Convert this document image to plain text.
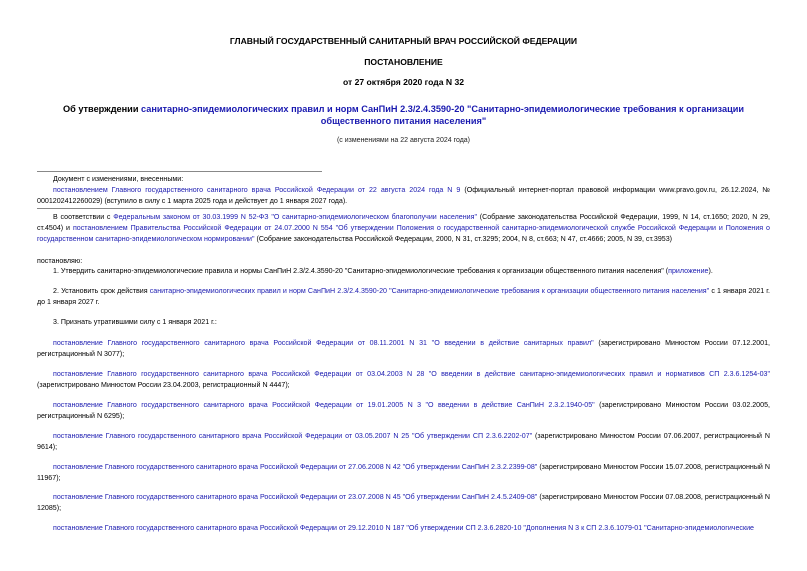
ГЛАВНЫЙ ГОСУДАРСТВЕННЫЙ САНИТАРНЫЙ ВРАЧ РОССИЙСКОЙ ФЕДЕРАЦИИ
ПОСТАНОВЛЕНИЕ
от 27 октября 2020 года N 32
Об утверждении санитарно-эпидемиологических правил и норм СанПиН 2.3/2.4.3590-20 "Санитарно-эпидемиологические требования к организации общественного питания населения"
(с изменениями на 22 августа 2024 года)
Документ с изменениями, внесенными:
постановлением Главного государственного санитарного врача Российской Федерации от 22 августа 2024 года N 9 (Официальный интернет-портал правовой информации www.pravo.gov.ru, 26.12.2024, № 0001202412260029) (вступило в силу с 1 марта 2025 года и действует до 1 января 2027 года).
В соответствии с Федеральным законом от 30.03.1999 N 52-ФЗ "О санитарно-эпидемиологическом благополучии населения" (Собрание законодательства Российской Федерации, 1999, N 14, ст.1650; 2020, N 29, ст.4504) и постановлением Правительства Российской Федерации от 24.07.2000 N 554 "Об утверждении Положения о государственной санитарно-эпидемиологической службе Российской Федерации и Положения о государственном санитарно-эпидемиологическом нормировании" (Собрание законодательства Российской Федерации, 2000, N 31, ст.3295; 2004, N 8, ст.663; N 47, ст.4666; 2005, N 39, ст.3953)
постановляю:
1. Утвердить санитарно-эпидемиологические правила и нормы СанПиН 2.3/2.4.3590-20 "Санитарно-эпидемиологические требования к организации общественного питания населения" (приложение).
2. Установить срок действия санитарно-эпидемиологических правил и норм СанПиН 2.3/2.4.3590-20 "Санитарно-эпидемиологические требования к организации общественного питания населения" с 1 января 2021 г. до 1 января 2027 г.
3. Признать утратившими силу с 1 января 2021 г.:
постановление Главного государственного санитарного врача Российской Федерации от 08.11.2001 N 31 "О введении в действие санитарных правил" (зарегистрировано Минюстом России 07.12.2001, регистрационный N 3077);
постановление Главного государственного санитарного врача Российской Федерации от 03.04.2003 N 28 "О введении в действие санитарно-эпидемиологических правил и нормативов СП 2.3.6.1254-03" (зарегистрировано Минюстом России 23.04.2003, регистрационный N 4447);
постановление Главного государственного санитарного врача Российской Федерации от 19.01.2005 N 3 "О введении в действие СанПиН 2.3.2.1940-05" (зарегистрировано Минюстом России 03.02.2005, регистрационный N 6295);
постановление Главного государственного санитарного врача Российской Федерации от 03.05.2007 N 25 "Об утверждении СП 2.3.6.2202-07" (зарегистрировано Минюстом России 07.06.2007, регистрационный N 9614);
постановление Главного государственного санитарного врача Российской Федерации от 27.06.2008 N 42 "Об утверждении СанПиН 2.3.2.2399-08" (зарегистрировано Минюстом России 15.07.2008, регистрационный N 11967);
постановление Главного государственного санитарного врача Российской Федерации от 23.07.2008 N 45 "Об утверждении СанПиН 2.4.5.2409-08" (зарегистрировано Минюстом России 07.08.2008, регистрационный N 12085);
постановление Главного государственного санитарного врача Российской Федерации от 29.12.2010 N 187 "Об утверждении СП 2.3.6.2820-10 "Дополнения N 3 к СП 2.3.6.1079-01 "Санитарно-эпидемиологические
